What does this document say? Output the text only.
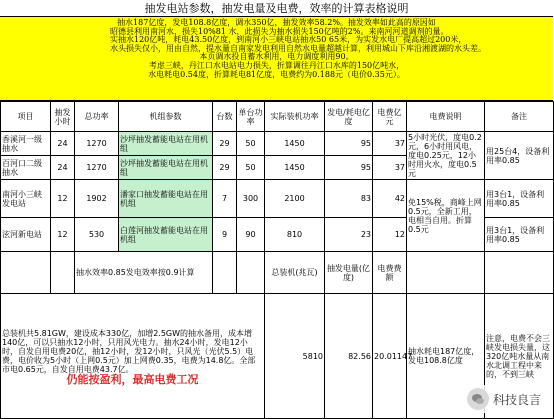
抽发电站参数，抽发电量及电费，效率的计算表格说明

抽水187亿度，发电108.8亿度，调水350亿，抽发效率58.2%。抽发效率如此高的原因如

昭德县利用南河水，损失10%81 水，此损失为抽水损失150亿吨的2%。来南河河道调剂的量。

实抽水120亿吨，耗电43.50亿度，到南河小三峡电站抽水50 65米，为实发水电厂提高超过200米，

水头损失仅小，用由自然，提水量自南家发电利用自然水电量超越计算，利用城山下库沿湘渡湖的水头差。

本页调水投自蓄水利用，电力调度利用90。

考虑三峡，丹江口水电站电力损失，折算调往丹江口水库的150亿吨水，

水电耗电0.54度，折算耗电81亿度，电费约为0.188元（电价0.35元）。

项目	抽发小时	总功率	机组参数	台数	单台功率	实际装机功率	发电/耗电亿度	电费亿元	电费说明	备注
香溪河一级抽水	24	1270	沙坪抽发蓄能电站在用机组	29	50	1450	95	37	5小时光伏，度电0.2元，6小时用风电，度电0.25元，12小时用火水，度电0.5元	用25台4，设备利用率0.85
百河口二级抽水	24	1270	沙坪抽发蓄能电站在用机组	29	50	1450	95	37		
南河小三峡发电站	12	1902	潘家口抽发蓄能电站在用机组	7	300	2100	83	42	免15%税，商峰上网0.5元，全新工用，电相当自用。折算0.5元	用3台1，设备利用率0.85
泫河新电站	12	530	白莲河抽发蓄能电站在用机组	9	90	810	23	12		用3台1，设备利用率0.85
		抽水效率0.85发电效率按0.9计算				总装机(兆瓦)	抽发电量(亿度)	电费费额		
总装机共5.81GW，建设成本330亿，加增2.5GW的抽水备用，成本增140亿，可以只抽水12小时，只用风光电力。抽水24小时，发电12小时，自发自用电费20亿，抽12小时，发12小时，只风光（光伏5.5）电费，电价收为5小时（上网0.5元）加上网费0.35，电费为14.8亿。全部市电0.65元，自发自用电费43.7亿。
仍能按盈利，最高电费工况						5810	82.56	20.01147	抽水耗电187亿度，发电108.8亿度	注意，电费不会三峡发电损失量，这320亿吨水量从南水北调工程中来的，不到三峡
科技良言
